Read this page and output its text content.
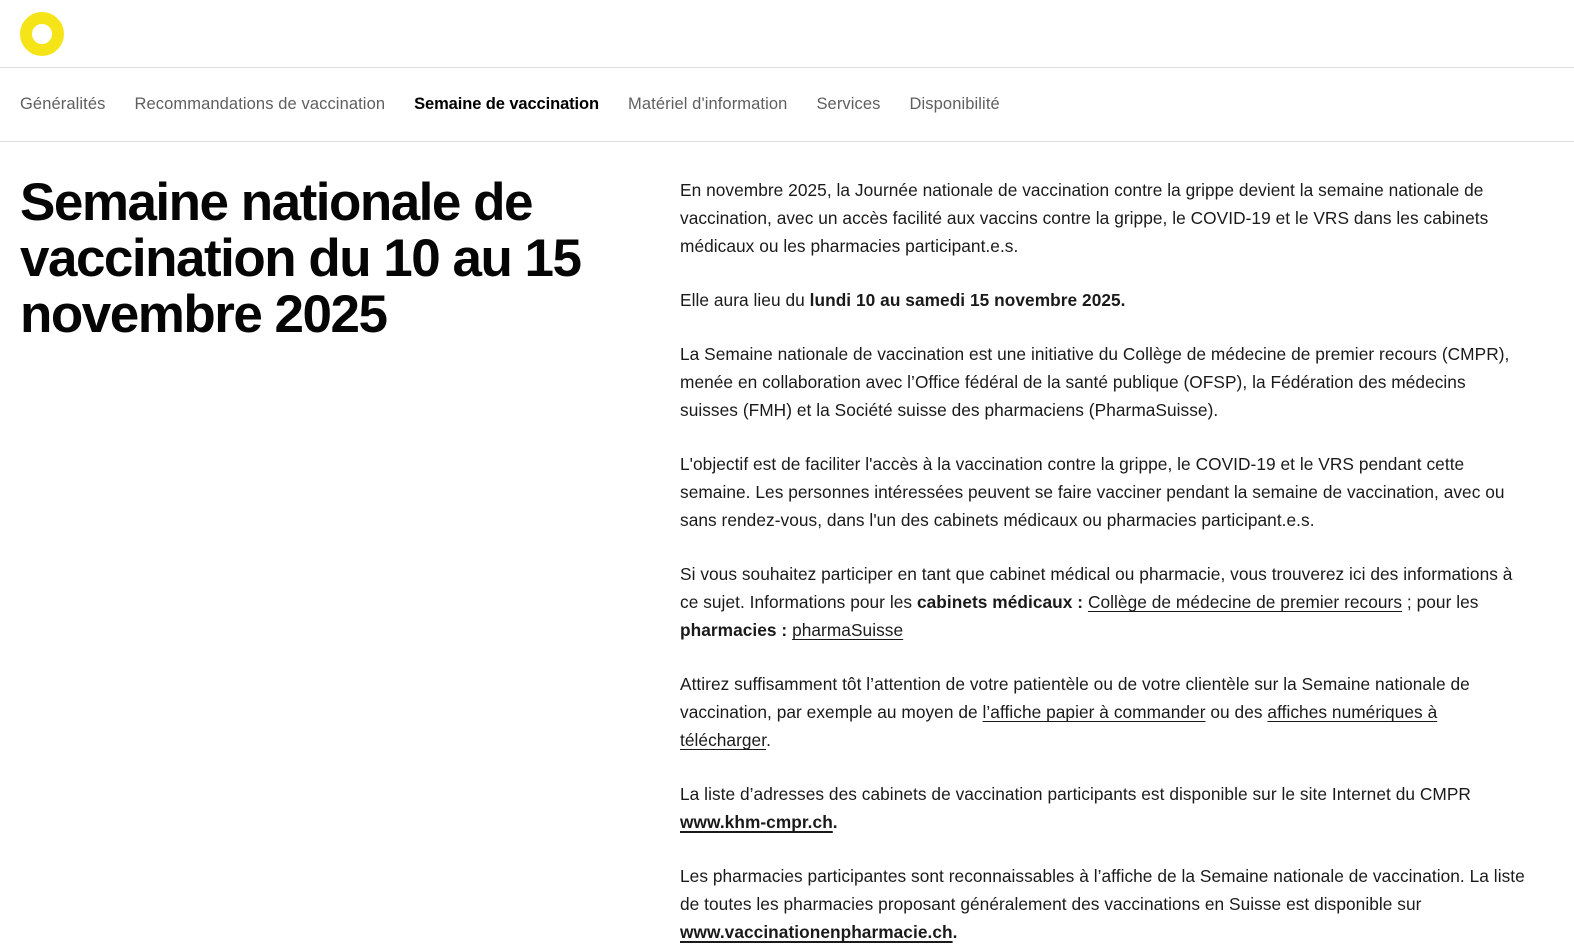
Généralités Recommandations de vaccination Semaine de vaccination Matériel d'information Services Disponibilité
Semaine nationale de vaccination du 10 au 15 novembre 2025

En novembre 2025, la Journée nationale de vaccination contre la grippe devient la semaine nationale de vaccination, avec un accès facilité aux vaccins contre la grippe, le COVID-19 et le VRS dans les cabinets médicaux ou les pharmacies participant.e.s.

Elle aura lieu du lundi 10 au samedi 15 novembre 2025.

La Semaine nationale de vaccination est une initiative du Collège de médecine de premier recours (CMPR), menée en collaboration avec l’Office fédéral de la santé publique (OFSP), la Fédération des médecins suisses (FMH) et la Société suisse des pharmaciens (PharmaSuisse).

L'objectif est de faciliter l'accès à la vaccination contre la grippe, le COVID-19 et le VRS pendant cette semaine. Les personnes intéressées peuvent se faire vacciner pendant la semaine de vaccination, avec ou sans rendez-vous, dans l'un des cabinets médicaux ou pharmacies participant.e.s.

Si vous souhaitez participer en tant que cabinet médical ou pharmacie, vous trouverez ici des informations à ce sujet. Informations pour les cabinets médicaux : Collège de médecine de premier recours ; pour les pharmacies : pharmaSuisse

Attirez suffisamment tôt l’attention de votre patientèle ou de votre clientèle sur la Semaine nationale de vaccination, par exemple au moyen de l’affiche papier à commander ou des affiches numériques à télécharger.

La liste d’adresses des cabinets de vaccination participants est disponible sur le site Internet du CMPR www.khm-cmpr.ch.

Les pharmacies participantes sont reconnaissables à l’affiche de la Semaine nationale de vaccination. La liste de toutes les pharmacies proposant généralement des vaccinations en Suisse est disponible sur www.vaccinationenpharmacie.ch.
